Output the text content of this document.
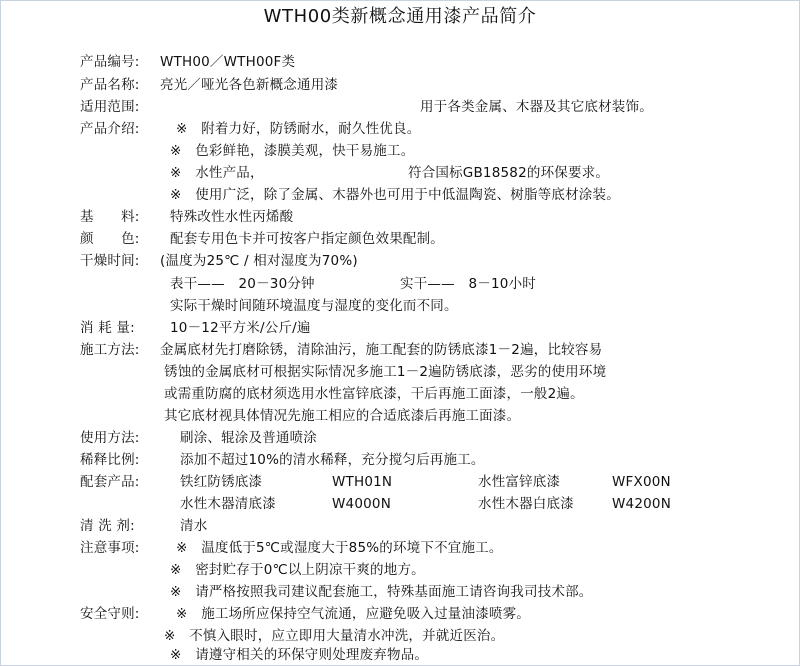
WTH00类新概念通用漆产品简介
产品编号: WTH00／WTH00F类
产品名称: 亮光／哑光各色新概念通用漆
适用范围:	用于各类金属、木器及其它底材装饰。
产品介绍:	※　附着力好，防锈耐水，耐久性优良。
※　色彩鲜艳，漆膜美观，快干易施工。
※　水性产品，	符合国标GB18582的环保要求。
※　使用广泛，除了金属、木器外也可用于中低温陶瓷、树脂等底材涂装。
基　　料: 特殊改性水性丙烯酸
颜　　色: 配套专用色卡并可按客户指定颜色效果配制。
干燥时间: (温度为25℃ / 相对湿度为70%)
表干——　20－30分钟	实干——　8－10小时
实际干燥时间随环境温度与湿度的变化而不同。
消 耗 量:	10－12平方米/公斤/遍
施工方法: 金属底材先打磨除锈，清除油污，施工配套的防锈底漆1－2遍，比较容易
锈蚀的金属底材可根据实际情况多施工1－2遍防锈底漆，恶劣的使用环境
或需重防腐的底材须选用水性富锌底漆，干后再施工面漆，一般2遍。
其它底材视具体情况先施工相应的合适底漆后再施工面漆。
使用方法:	刷涂、辊涂及普通喷涂
稀释比例:	添加不超过10%的清水稀释，充分搅匀后再施工。
配套产品:	铁红防锈底漆	WTH01N	水性富锌底漆	WFX00N
水性木器清底漆	W4000N	水性木器白底漆	W4200N
清 洗 剂:	清水
注意事项:	※　温度低于5℃或湿度大于85%的环境下不宜施工。
※　密封贮存于0℃以上阴凉干爽的地方。
※　请严格按照我司建议配套施工，特殊基面施工请咨询我司技术部。
安全守则:	※　施工场所应保持空气流通，应避免吸入过量油漆喷雾。
※　不慎入眼时，应立即用大量清水冲洗，并就近医治。
※　请遵守相关的环保守则处理废弃物品。
